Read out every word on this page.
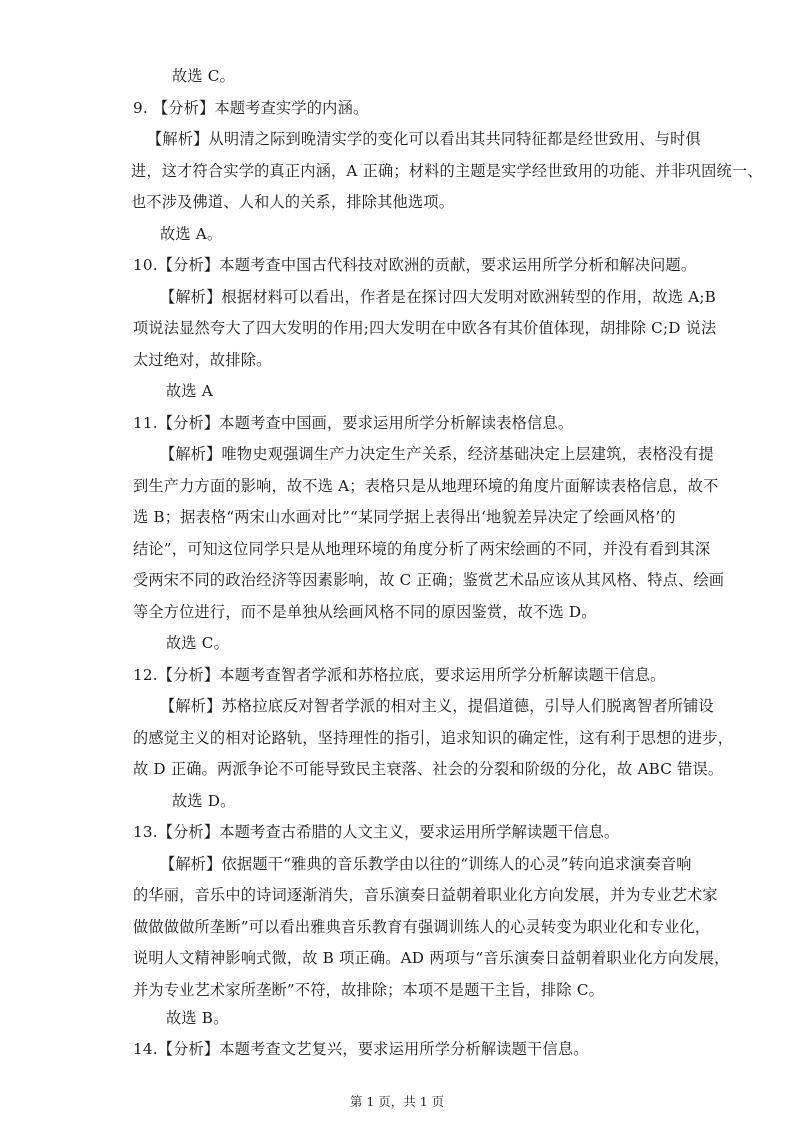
故选 C。
9. 【分析】本题考查实学的内涵。
【解析】从明清之际到晚清实学的变化可以看出其共同特征都是经世致用、与时俱
进，这才符合实学的真正内涵，A 正确；材料的主题是实学经世致用的功能、并非巩固统一、
也不涉及佛道、人和人的关系，排除其他选项。
故选 A。
10.【分析】本题考查中国古代科技对欧洲的贡献，要求运用所学分析和解决问题。
【解析】根据材料可以看出，作者是在探讨四大发明对欧洲转型的作用，故选 A;B
项说法显然夸大了四大发明的作用;四大发明在中欧各有其价值体现，胡排除 C;D 说法
太过绝对，故排除。
故选 A
11.【分析】本题考查中国画，要求运用所学分析解读表格信息。
【解析】唯物史观强调生产力决定生产关系，经济基础决定上层建筑，表格没有提
到生产力方面的影响，故不选 A；表格只是从地理环境的角度片面解读表格信息，故不
选 B；据表格“两宋山水画对比”“某同学据上表得出‘地貌差异决定了绘画风格’的
结论”，可知这位同学只是从地理环境的角度分析了两宋绘画的不同，并没有看到其深
受两宋不同的政治经济等因素影响，故 C 正确；鉴赏艺术品应该从其风格、特点、绘画
等全方位进行，而不是单独从绘画风格不同的原因鉴赏，故不选 D。
故选 C。
12.【分析】本题考查智者学派和苏格拉底，要求运用所学分析解读题干信息。
【解析】苏格拉底反对智者学派的相对主义，提倡道德，引导人们脱离智者所铺设
的感觉主义的相对论路轨，坚持理性的指引，追求知识的确定性，这有利于思想的进步，
故 D 正确。两派争论不可能导致民主衰落、社会的分裂和阶级的分化，故 ABC 错误。
故选 D。
13.【分析】本题考查古希腊的人文主义，要求运用所学解读题干信息。
【解析】依据题干“雅典的音乐教学由以往的“训练人的心灵”转向追求演奏音响
的华丽，音乐中的诗词逐渐消失，音乐演奏日益朝着职业化方向发展，并为专业艺术家
做做做做所垄断”可以看出雅典音乐教育有强调训练人的心灵转变为职业化和专业化，
说明人文精神影响式微，故 B 项正确。AD 两项与“音乐演奏日益朝着职业化方向发展，
并为专业艺术家所垄断”不符，故排除；本项不是题干主旨，排除 C。
故选 B。
14.【分析】本题考查文艺复兴，要求运用所学分析解读题干信息。
第 1 页，共 1 页
